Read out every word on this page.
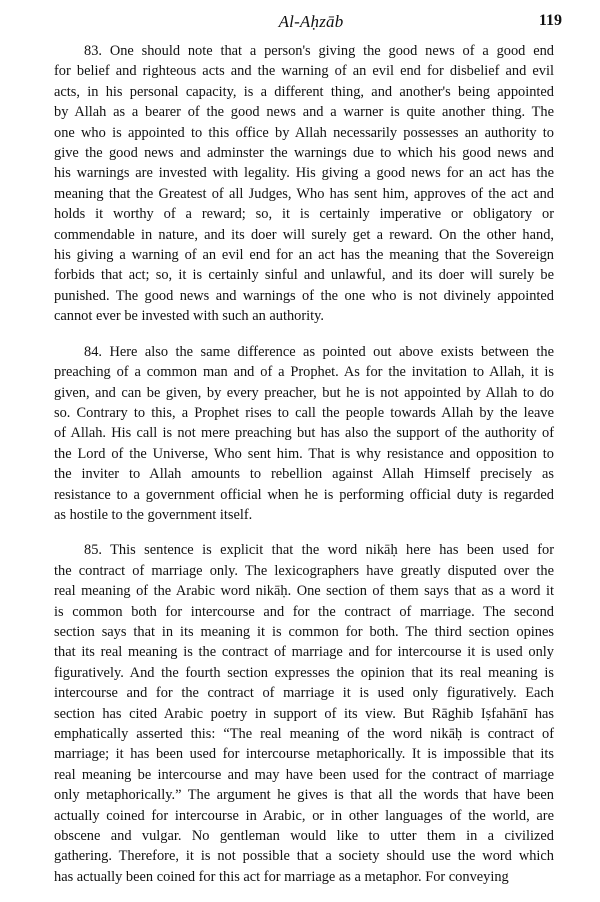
Al-Aḥzāb	119

83. One should note that a person's giving the good news of a good end
for belief and righteous acts and the warning of an evil end for disbelief and evil
acts, in his personal capacity, is a different thing, and another's being appointed
by Allah as a bearer of the good news and a warner is quite another thing. The
one who is appointed to this office by Allah necessarily possesses an authority to
give the good news and adminster the warnings due to which his good news and
his warnings are invested with legality. His giving a good news for an act has the
meaning that the Greatest of all Judges, Who has sent him, approves of the act and
holds it worthy of a reward; so, it is certainly imperative or obligatory or
commendable in nature, and its doer will surely get a reward. On the other hand,
his giving a warning of an evil end for an act has the meaning that the Sovereign
forbids that act; so, it is certainly sinful and unlawful, and its doer will surely be
punished. The good news and warnings of the one who is not divinely appointed
cannot ever be invested with such an authority.

84. Here also the same difference as pointed out above exists between the
preaching of a common man and of a Prophet. As for the invitation to Allah, it is
given, and can be given, by every preacher, but he is not appointed by Allah to do
so. Contrary to this, a Prophet rises to call the people towards Allah by the leave
of Allah. His call is not mere preaching but has also the support of the authority of
the Lord of the Universe, Who sent him. That is why resistance and opposition to
the inviter to Allah amounts to rebellion against Allah Himself precisely as
resistance to a government official when he is performing official duty is regarded
as hostile to the government itself.

85. This sentence is explicit that the word nikāḥ here has been used for
the contract of marriage only. The lexicographers have greatly disputed over the
real meaning of the Arabic word nikāḥ. One section of them says that as a word it
is common both for intercourse and for the contract of marriage. The second
section says that in its meaning it is common for both. The third section opines
that its real meaning is the contract of marriage and for intercourse it is used only
figuratively. And the fourth section expresses the opinion that its real meaning is
intercourse and for the contract of marriage it is used only figuratively. Each
section has cited Arabic poetry in support of its view. But Rāghib Iṣfahānī has
emphatically asserted this: “The real meaning of the word nikāḥ is contract of
marriage; it has been used for intercourse metaphorically. It is impossible that its
real meaning be intercourse and may have been used for the contract of marriage
only metaphorically.” The argument he gives is that all the words that have been
actually coined for intercourse in Arabic, or in other languages of the world, are
obscene and vulgar. No gentleman would like to utter them in a civilized
gathering. Therefore, it is not possible that a society should use the word which
has actually been coined for this act for marriage as a metaphor. For conveying
